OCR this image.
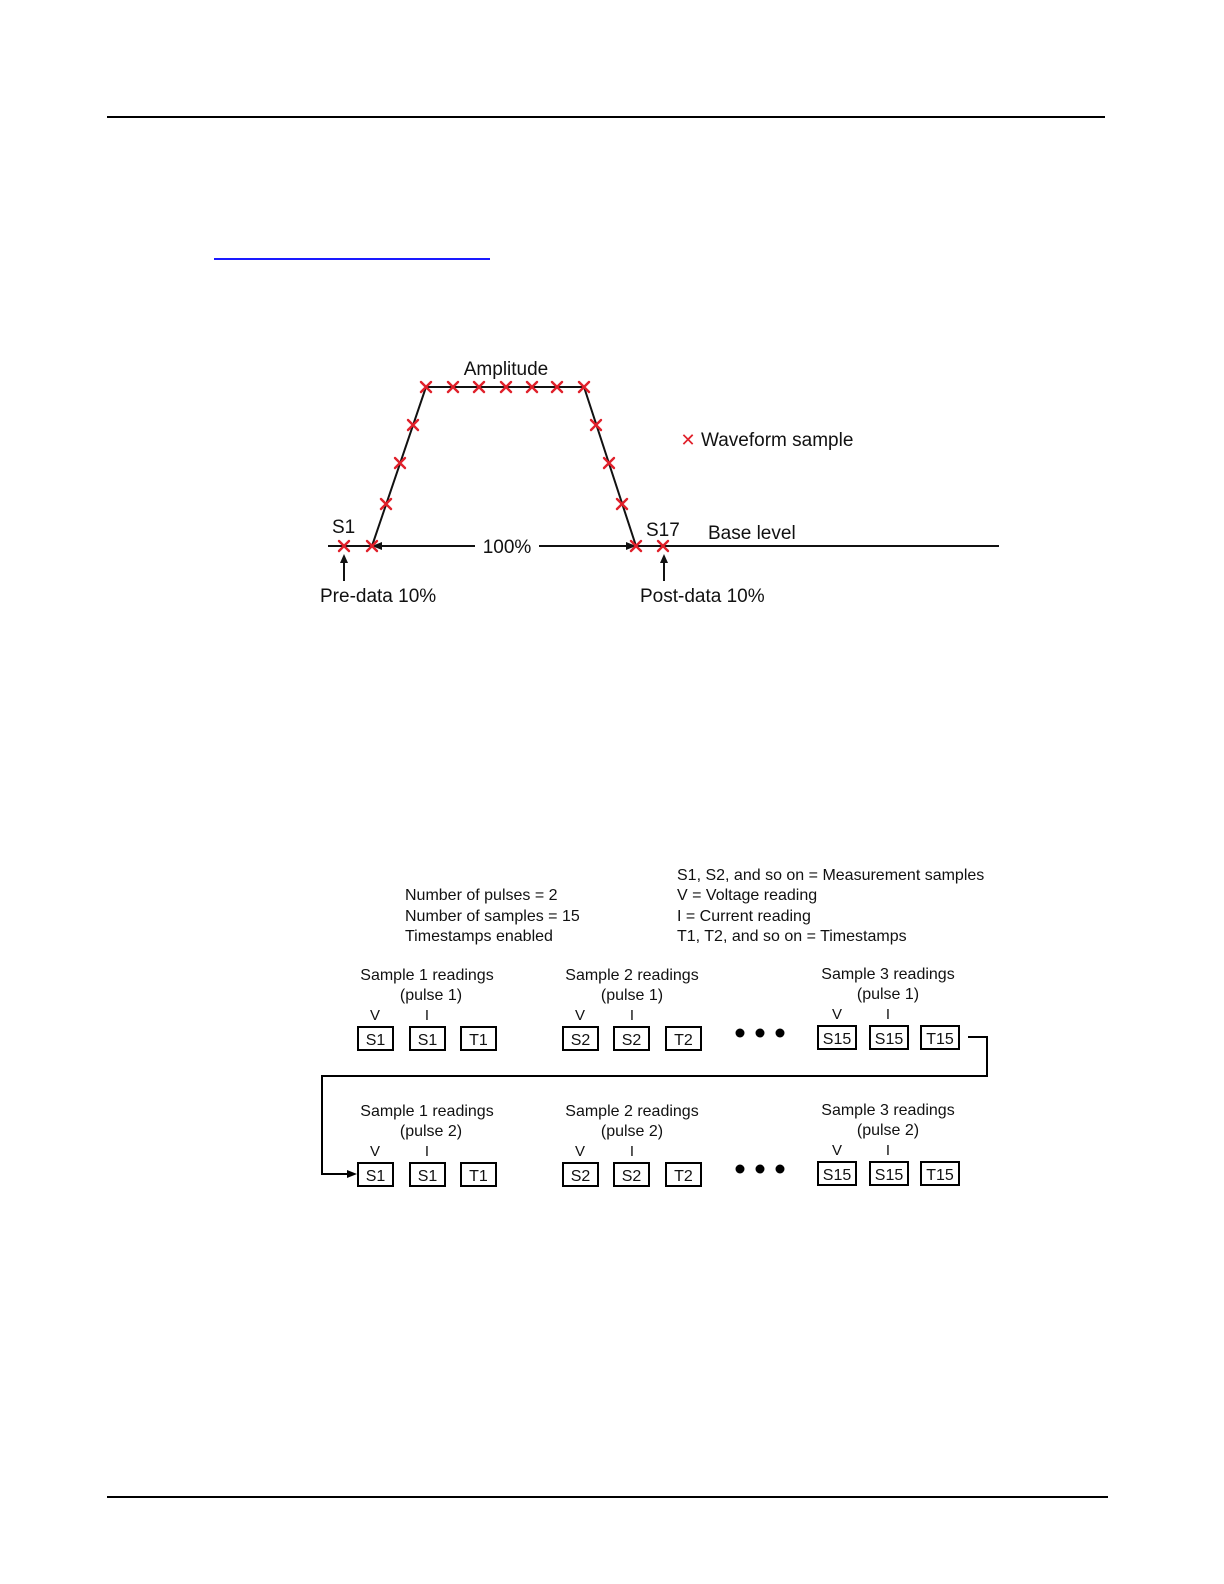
Amplitude
✕ Waveform sample
S1	S17
100%
Base level
Pre-data 10%	Post-data 10%
Number of pulses = 2
Number of samples = 15
Timestamps enabled
S1, S2, and so on = Measurement samples
V = Voltage reading
I = Current reading
T1, T2, and so on = Timestamps
Sample 1 readings
(pulse 1)
V	I
S1 S1 T1
Sample 2 readings
(pulse 1)
V	I
S2 S2 T2
Sample 3 readings
(pulse 1)
V	I
S15 S15 T15
Sample 1 readings
(pulse 2)
V	I
S1 S1 T1
Sample 2 readings
(pulse 2)
V	I
S2 S2 T2
Sample 3 readings
(pulse 2)
V	I
S15 S15 T15
